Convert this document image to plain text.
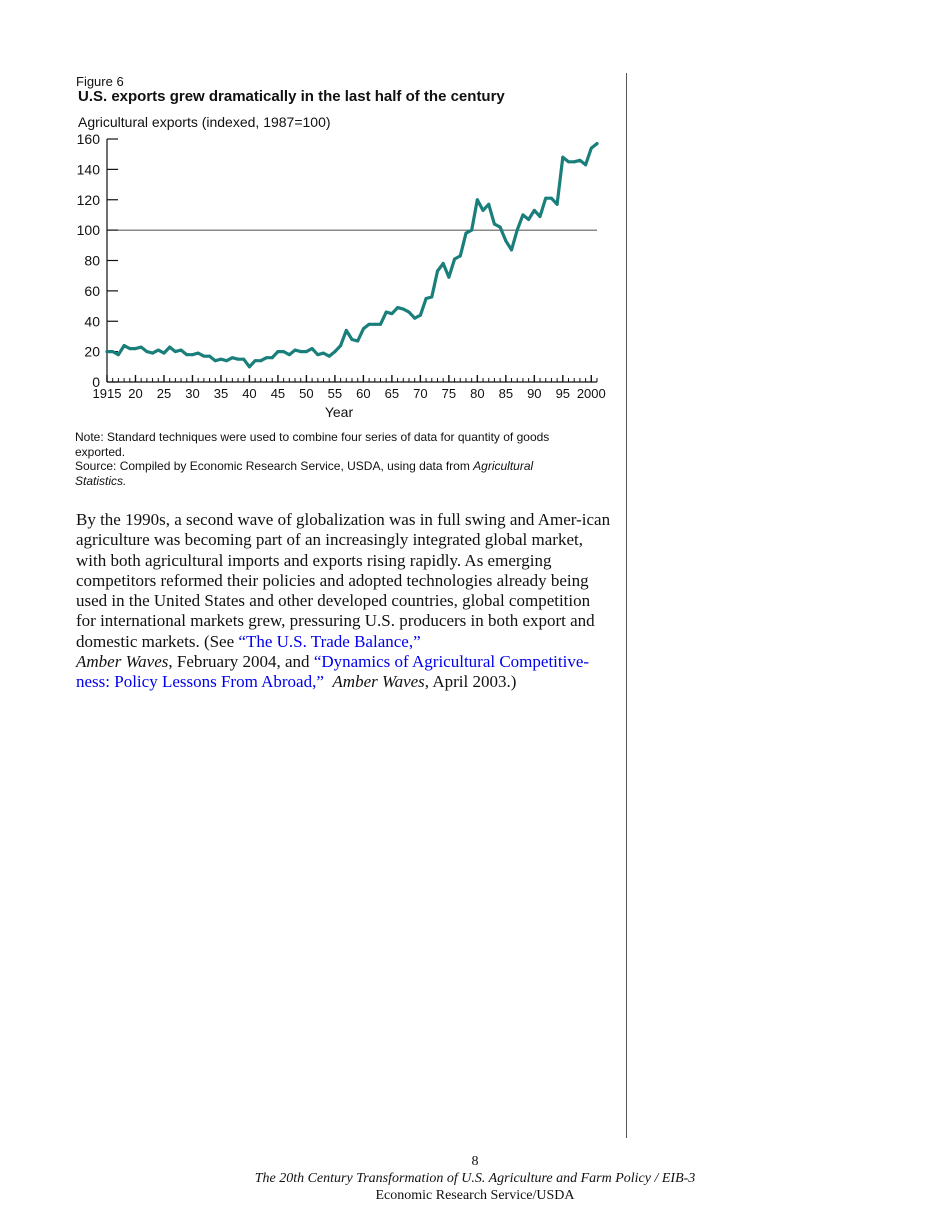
Figure 6
U.S. exports grew dramatically in the last half of the century
Agricultural exports (indexed, 1987=100)
0
20
40
60
80
100
120
140
160
1915 20 25 30 35 40 45 50 55 60 65 70 75 80 85 90 95 2000
Year

Note: Standard techniques were used to combine four series of data for quantity of goods exported.

Source: Compiled by Economic Research Service, USDA, using data from Agricultural Statistics.

By the 1990s, a second wave of globalization was in full swing and Amer-ican agriculture was becoming part of an increasingly integrated global market, with both agricultural imports and exports rising rapidly. As emerging competitors reformed their policies and adopted technologies already being used in the United States and other developed countries, global competition for international markets grew, pressuring U.S. producers in both export and domestic markets. (See “The U.S. Trade Balance,”
Amber Waves, February 2004, and “Dynamics of Agricultural Competitive-ness: Policy Lessons From Abroad,” Amber Waves, April 2003.)

8
The 20th Century Transformation of U.S. Agriculture and Farm Policy / EIB-3
Economic Research Service/USDA
